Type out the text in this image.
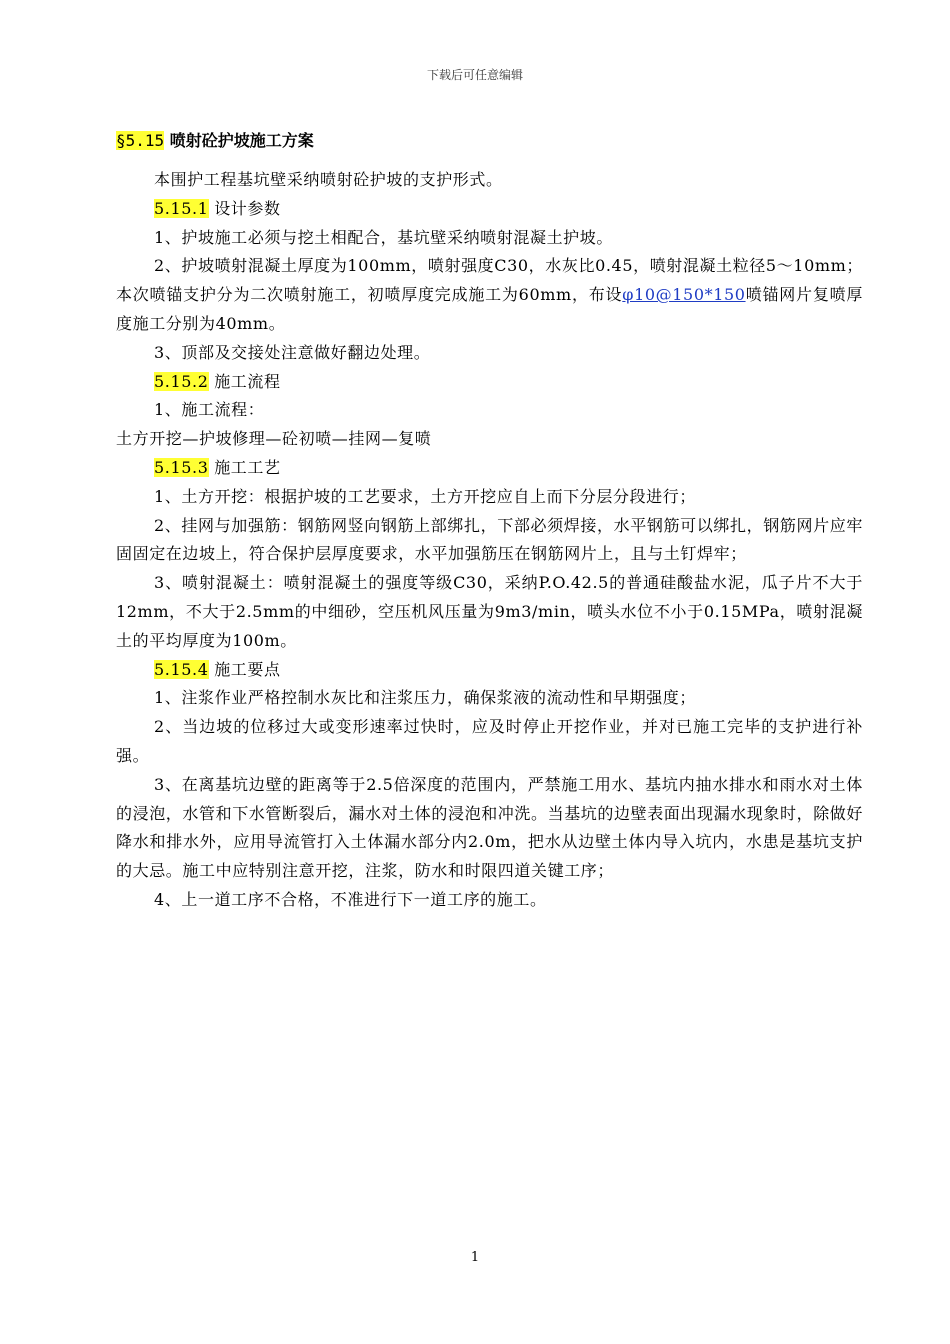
下载后可任意编辑
§5.15 喷射砼护坡施工方案

本围护工程基坑壁采纳喷射砼护坡的支护形式。

5.15.1 设计参数

1、护坡施工必须与挖土相配合，基坑壁采纳喷射混凝土护坡。

2、护坡喷射混凝土厚度为100mm，喷射强度C30，水灰比0.45，喷射混凝土粒径5～10mm；本次喷锚支护分为二次喷射施工，初喷厚度完成施工为60mm，布设φ10@150*150喷锚网片复喷厚度施工分别为40mm。

3、顶部及交接处注意做好翻边处理。

5.15.2 施工流程

1、施工流程：

土方开挖—护坡修理—砼初喷—挂网—复喷

5.15.3 施工工艺

1、土方开挖：根据护坡的工艺要求，土方开挖应自上而下分层分段进行；

2、挂网与加强筋：钢筋网竖向钢筋上部绑扎，下部必须焊接，水平钢筋可以绑扎，钢筋网片应牢固固定在边坡上，符合保护层厚度要求，水平加强筋压在钢筋网片上，且与土钉焊牢；

3、喷射混凝土：喷射混凝土的强度等级C30，采纳P.O.42.5的普通硅酸盐水泥，瓜子片不大于12mm，不大于2.5mm的中细砂，空压机风压量为9m3/min，喷头水位不小于0.15MPa，喷射混凝土的平均厚度为100m。

5.15.4 施工要点

1、注浆作业严格控制水灰比和注浆压力，确保浆液的流动性和早期强度；

2、当边坡的位移过大或变形速率过快时，应及时停止开挖作业，并对已施工完毕的支护进行补强。

3、在离基坑边壁的距离等于2.5倍深度的范围内，严禁施工用水、基坑内抽水排水和雨水对土体的浸泡，水管和下水管断裂后，漏水对土体的浸泡和冲洗。当基坑的边壁表面出现漏水现象时，除做好降水和排水外，应用导流管打入土体漏水部分内2.0m，把水从边壁土体内导入坑内，水患是基坑支护的大忌。施工中应特别注意开挖，注浆，防水和时限四道关键工序；

4、上一道工序不合格，不准进行下一道工序的施工。

1
